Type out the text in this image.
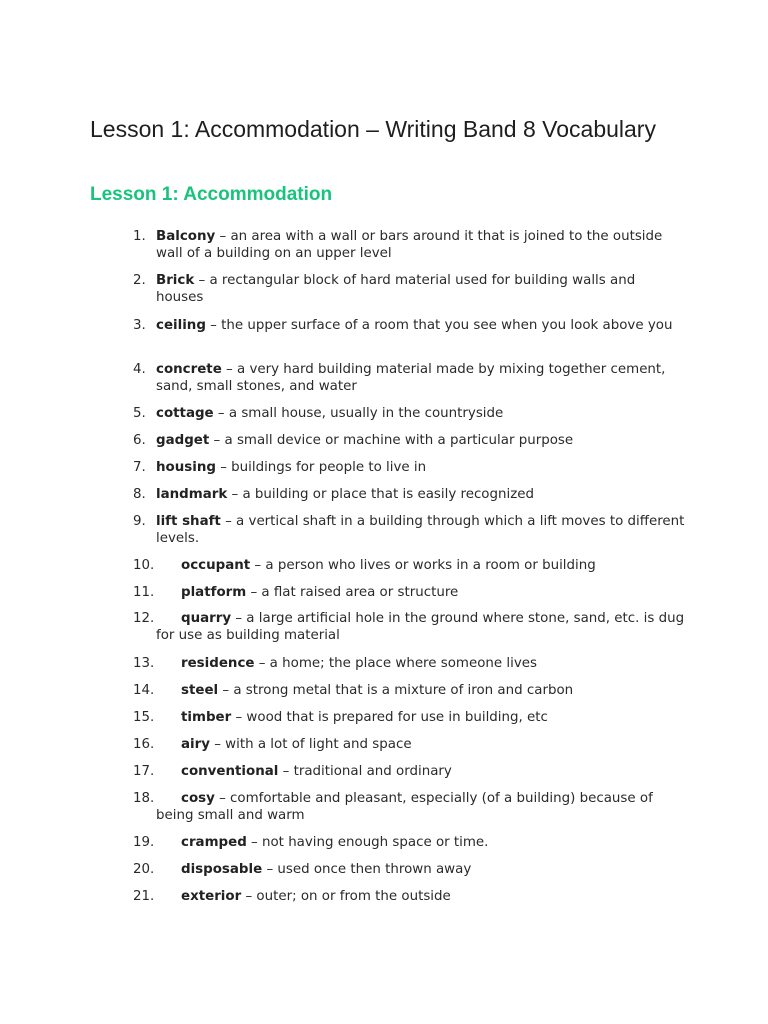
Lesson 1: Accommodation – Writing Band 8 Vocabulary
Lesson 1: Accommodation
1. Balcony – an area with a wall or bars around it that is joined to the outside wall of a building on an upper level
2. Brick – a rectangular block of hard material used for building walls and houses
3. ceiling – the upper surface of a room that you see when you look above you
4. concrete – a very hard building material made by mixing together cement, sand, small stones, and water
5. cottage – a small house, usually in the countryside
6. gadget – a small device or machine with a particular purpose
7. housing – buildings for people to live in
8. landmark – a building or place that is easily recognized
9. lift shaft – a vertical shaft in a building through which a lift moves to different levels.
10.	occupant – a person who lives or works in a room or building
11.	platform – a flat raised area or structure
12.	quarry – a large artificial hole in the ground where stone, sand, etc. is dug for use as building material
13.	residence – a home; the place where someone lives
14.	steel – a strong metal that is a mixture of iron and carbon
15.	timber – wood that is prepared for use in building, etc
16.	airy – with a lot of light and space
17.	conventional – traditional and ordinary
18.	cosy – comfortable and pleasant, especially (of a building) because of being small and warm
19.	cramped – not having enough space or time.
20.	disposable – used once then thrown away
21.	exterior – outer; on or from the outside
